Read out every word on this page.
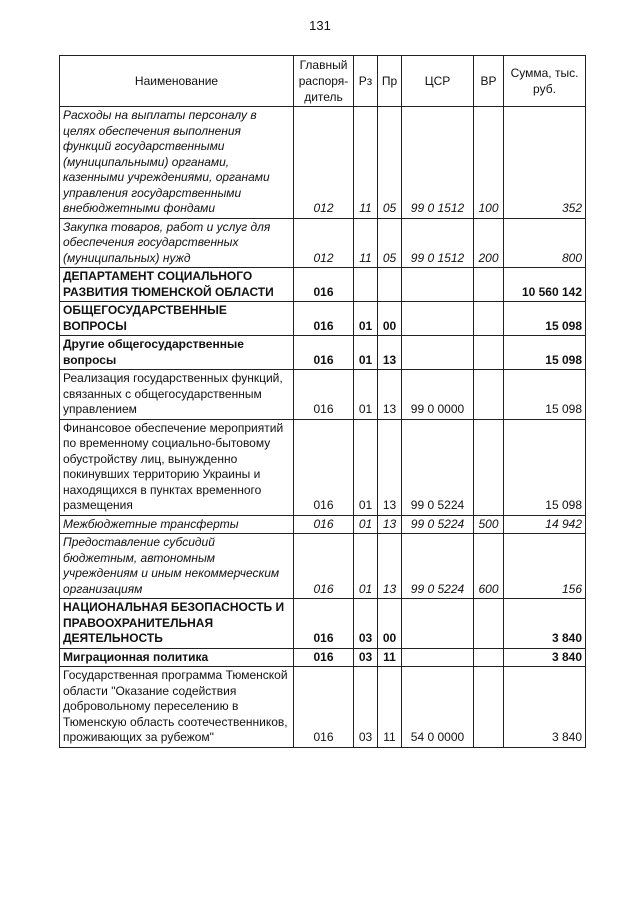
131
Наименование	Главный распоря-дитель	Рз	Пр	ЦСР	ВР	Сумма, тыс. руб.
Расходы на выплаты персоналу в целях обеспечения выполнения функций государственными (муниципальными) органами, казенными учреждениями, органами управления государственными внебюджетными фондами	012	11	05	99 0 1512	100	352
Закупка товаров, работ и услуг для обеспечения государственных (муниципальных) нужд	012	11	05	99 0 1512	200	800
ДЕПАРТАМЕНТ СОЦИАЛЬНОГО РАЗВИТИЯ ТЮМЕНСКОЙ ОБЛАСТИ	016					10 560 142
ОБЩЕГОСУДАРСТВЕННЫЕ ВОПРОСЫ	016	01	00			15 098
Другие общегосударственные вопросы	016	01	13			15 098
Реализация государственных функций, связанных с общегосударственным управлением	016	01	13	99 0 0000		15 098
Финансовое обеспечение мероприятий по временному социально-бытовому обустройству лиц, вынужденно покинувших территорию Украины и находящихся в пунктах временного размещения	016	01	13	99 0 5224		15 098
Межбюджетные трансферты	016	01	13	99 0 5224	500	14 942
Предоставление субсидий бюджетным, автономным учреждениям и иным некоммерческим организациям	016	01	13	99 0 5224	600	156
НАЦИОНАЛЬНАЯ БЕЗОПАСНОСТЬ И ПРАВООХРАНИТЕЛЬНАЯ ДЕЯТЕЛЬНОСТЬ	016	03	00			3 840
Миграционная политика	016	03	11			3 840
Государственная программа Тюменской области "Оказание содействия добровольному переселению в Тюменскую область соотечественников, проживающих за рубежом"	016	03	11	54 0 0000		3 840
